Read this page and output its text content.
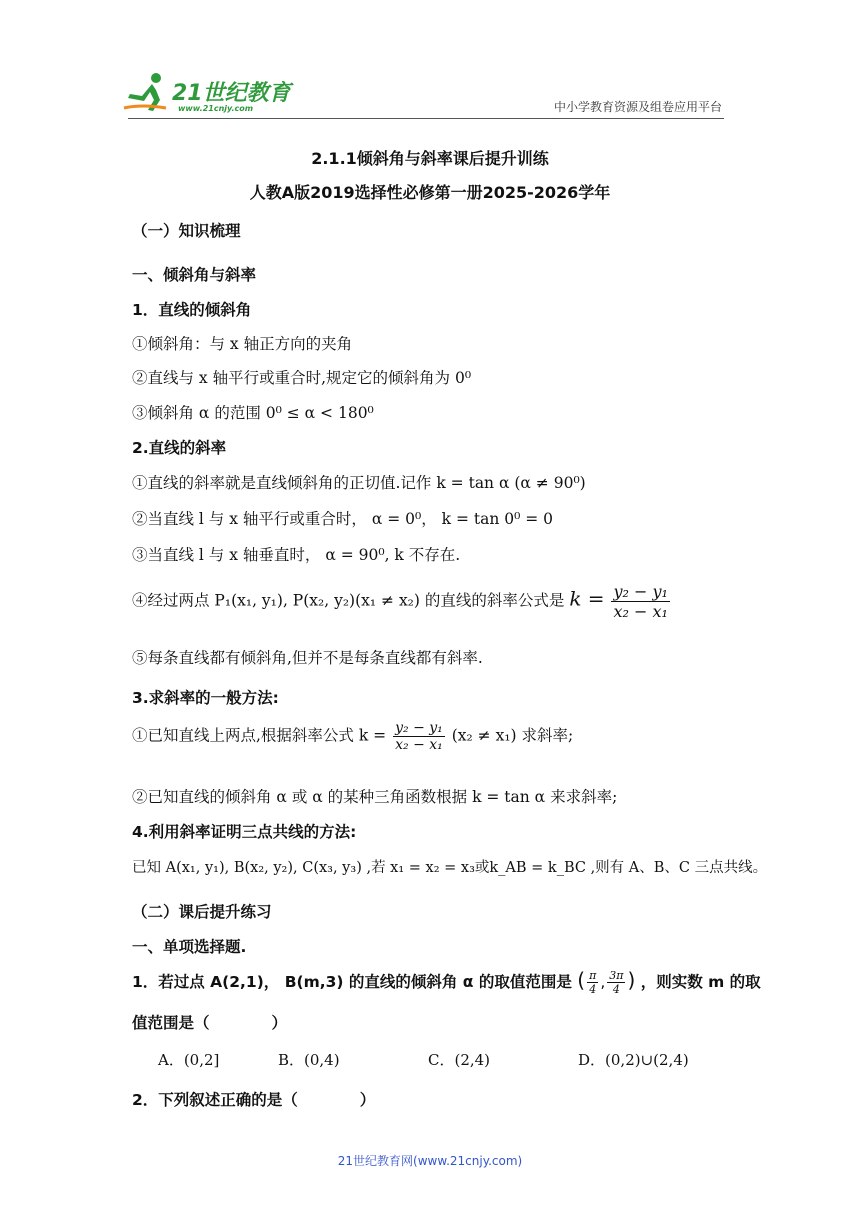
21世纪教育
www.21cnjy.com	中小学教育资源及组卷应用平台
2.1.1倾斜角与斜率课后提升训练
人教A版2019选择性必修第一册2025-2026学年
（一）知识梳理
一、倾斜角与斜率
1．直线的倾斜角
①倾斜角：与 x 轴正方向的夹角
②直线与 x 轴平行或重合时,规定它的倾斜角为 0⁰
③倾斜角 α 的范围 0⁰ ≤ α < 180⁰
2.直线的斜率
①直线的斜率就是直线倾斜角的正切值.记作 k = tan α (α ≠ 90⁰)
②当直线 l 与 x 轴平行或重合时， α = 0⁰， k = tan 0⁰ = 0
③当直线 l 与 x 轴垂直时， α = 90⁰, k 不存在.
④经过两点 P₁(x₁, y₁), P(x₂, y₂)(x₁ ≠ x₂) 的直线的斜率公式是 $k = \frac{\text{y₂ − y₁}}{\text{x₂ − x₁}}$
⑤每条直线都有倾斜角,但并不是每条直线都有斜率.
3.求斜率的一般方法:
①已知直线上两点,根据斜率公式 $k = \frac{\text{y₂ − y₁}}{\text{x₂ − x₁}} (x_2 \ne x_1)$ 求斜率;
②已知直线的倾斜角 α 或 α 的某种三角函数根据 k = tan α 来求斜率;
4.利用斜率证明三点共线的方法:
已知 A(x₁, y₁), B(x₂, y₂), C(x₃, y₃) ,若 x₁ = x₂ = x₃或k_AB = k_BC ,则有 A、B、C 三点共线。
（二）课后提升练习
一、单项选择题.
1．若过点 A(2,1)， B(m,3) 的直线的倾斜角 α 的取值范围是 ( $\frac{\pi}{4}$ , $\frac{3\pi}{4}$ ) ，则实数 m 的取
值范围是（　　　　）
A．(0,2]	B．(0,4)	C．(2,4)	D．(0,2)∪(2,4)
2．下列叙述正确的是（　　　　）
21世纪教育网(www.21cnjy.com)
